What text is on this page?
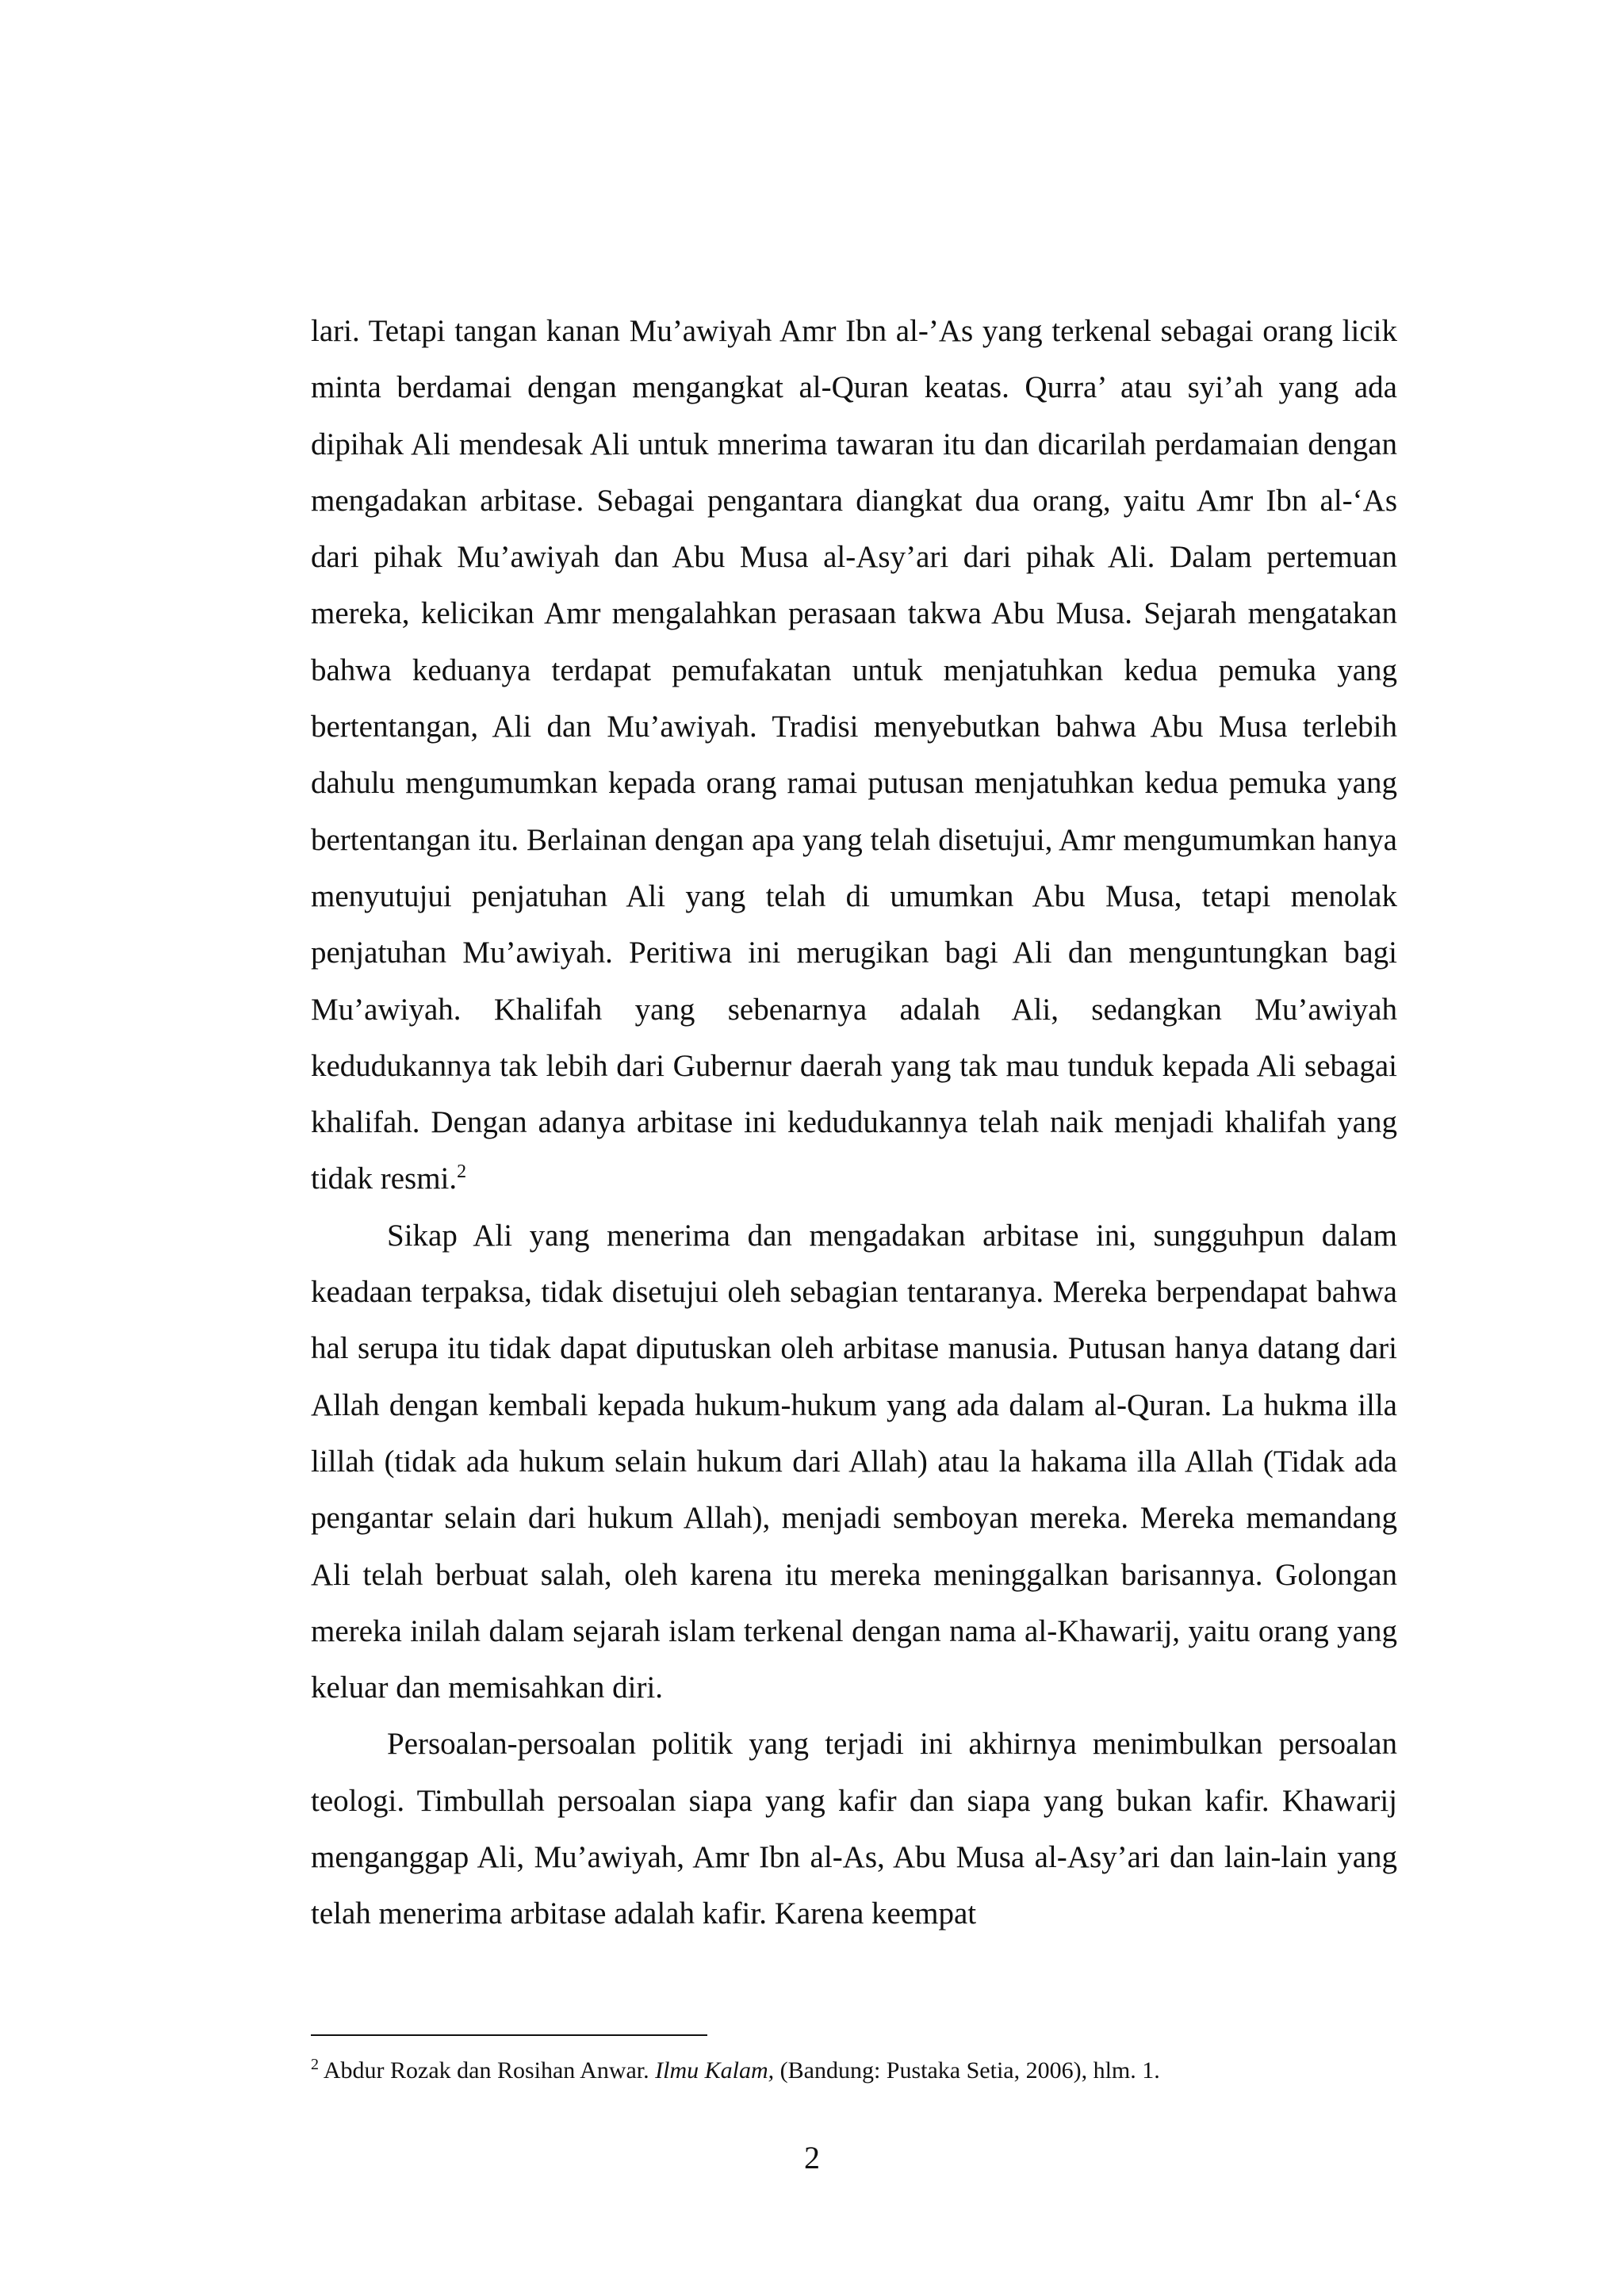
lari. Tetapi tangan kanan Mu’awiyah Amr Ibn al-’As yang terkenal sebagai orang licik minta berdamai dengan mengangkat al-Quran keatas. Qurra’ atau syi’ah yang ada dipihak Ali mendesak Ali untuk mnerima tawaran itu dan dicarilah perdamaian dengan mengadakan arbitase. Sebagai pengantara diangkat dua orang, yaitu Amr Ibn al-‘As dari pihak Mu’awiyah dan Abu Musa al-Asy’ari dari pihak Ali. Dalam pertemuan mereka, kelicikan Amr mengalahkan perasaan takwa Abu Musa. Sejarah mengatakan bahwa keduanya terdapat pemufakatan untuk menjatuhkan kedua pemuka yang bertentangan, Ali dan Mu’awiyah. Tradisi menyebutkan bahwa Abu Musa terlebih dahulu mengumumkan kepada orang ramai putusan menjatuhkan kedua pemuka yang bertentangan itu. Berlainan dengan apa yang telah disetujui, Amr mengumumkan hanya menyutujui penjatuhan Ali yang telah di umumkan Abu Musa, tetapi menolak penjatuhan Mu’awiyah. Peritiwa ini merugikan bagi Ali dan menguntungkan bagi Mu’awiyah. Khalifah yang sebenarnya adalah Ali, sedangkan Mu’awiyah kedudukannya tak lebih dari Gubernur daerah yang tak mau tunduk kepada Ali sebagai khalifah. Dengan adanya arbitase ini kedudukannya telah naik menjadi khalifah yang tidak resmi.$^2$

Sikap Ali yang menerima dan mengadakan arbitase ini, sungguhpun dalam keadaan terpaksa, tidak disetujui oleh sebagian tentaranya. Mereka berpendapat bahwa hal serupa itu tidak dapat diputuskan oleh arbitase manusia. Putusan hanya datang dari Allah dengan kembali kepada hukum-hukum yang ada dalam al-Quran. La hukma illa lillah (tidak ada hukum selain hukum dari Allah) atau la hakama illa Allah (Tidak ada pengantar selain dari hukum Allah), menjadi semboyan mereka. Mereka memandang Ali telah berbuat salah, oleh karena itu mereka meninggalkan barisannya. Golongan mereka inilah dalam sejarah islam terkenal dengan nama al-Khawarij, yaitu orang yang keluar dan memisahkan diri.

Persoalan-persoalan politik yang terjadi ini akhirnya menimbulkan persoalan teologi. Timbullah persoalan siapa yang kafir dan siapa yang bukan kafir. Khawarij menganggap Ali, Mu’awiyah, Amr Ibn al-As, Abu Musa al-Asy’ari dan lain-lain yang telah menerima arbitase adalah kafir. Karena keempat

$^2$ Abdur Rozak dan Rosihan Anwar. Ilmu Kalam, (Bandung: Pustaka Setia, 2006), hlm. 1.
2
